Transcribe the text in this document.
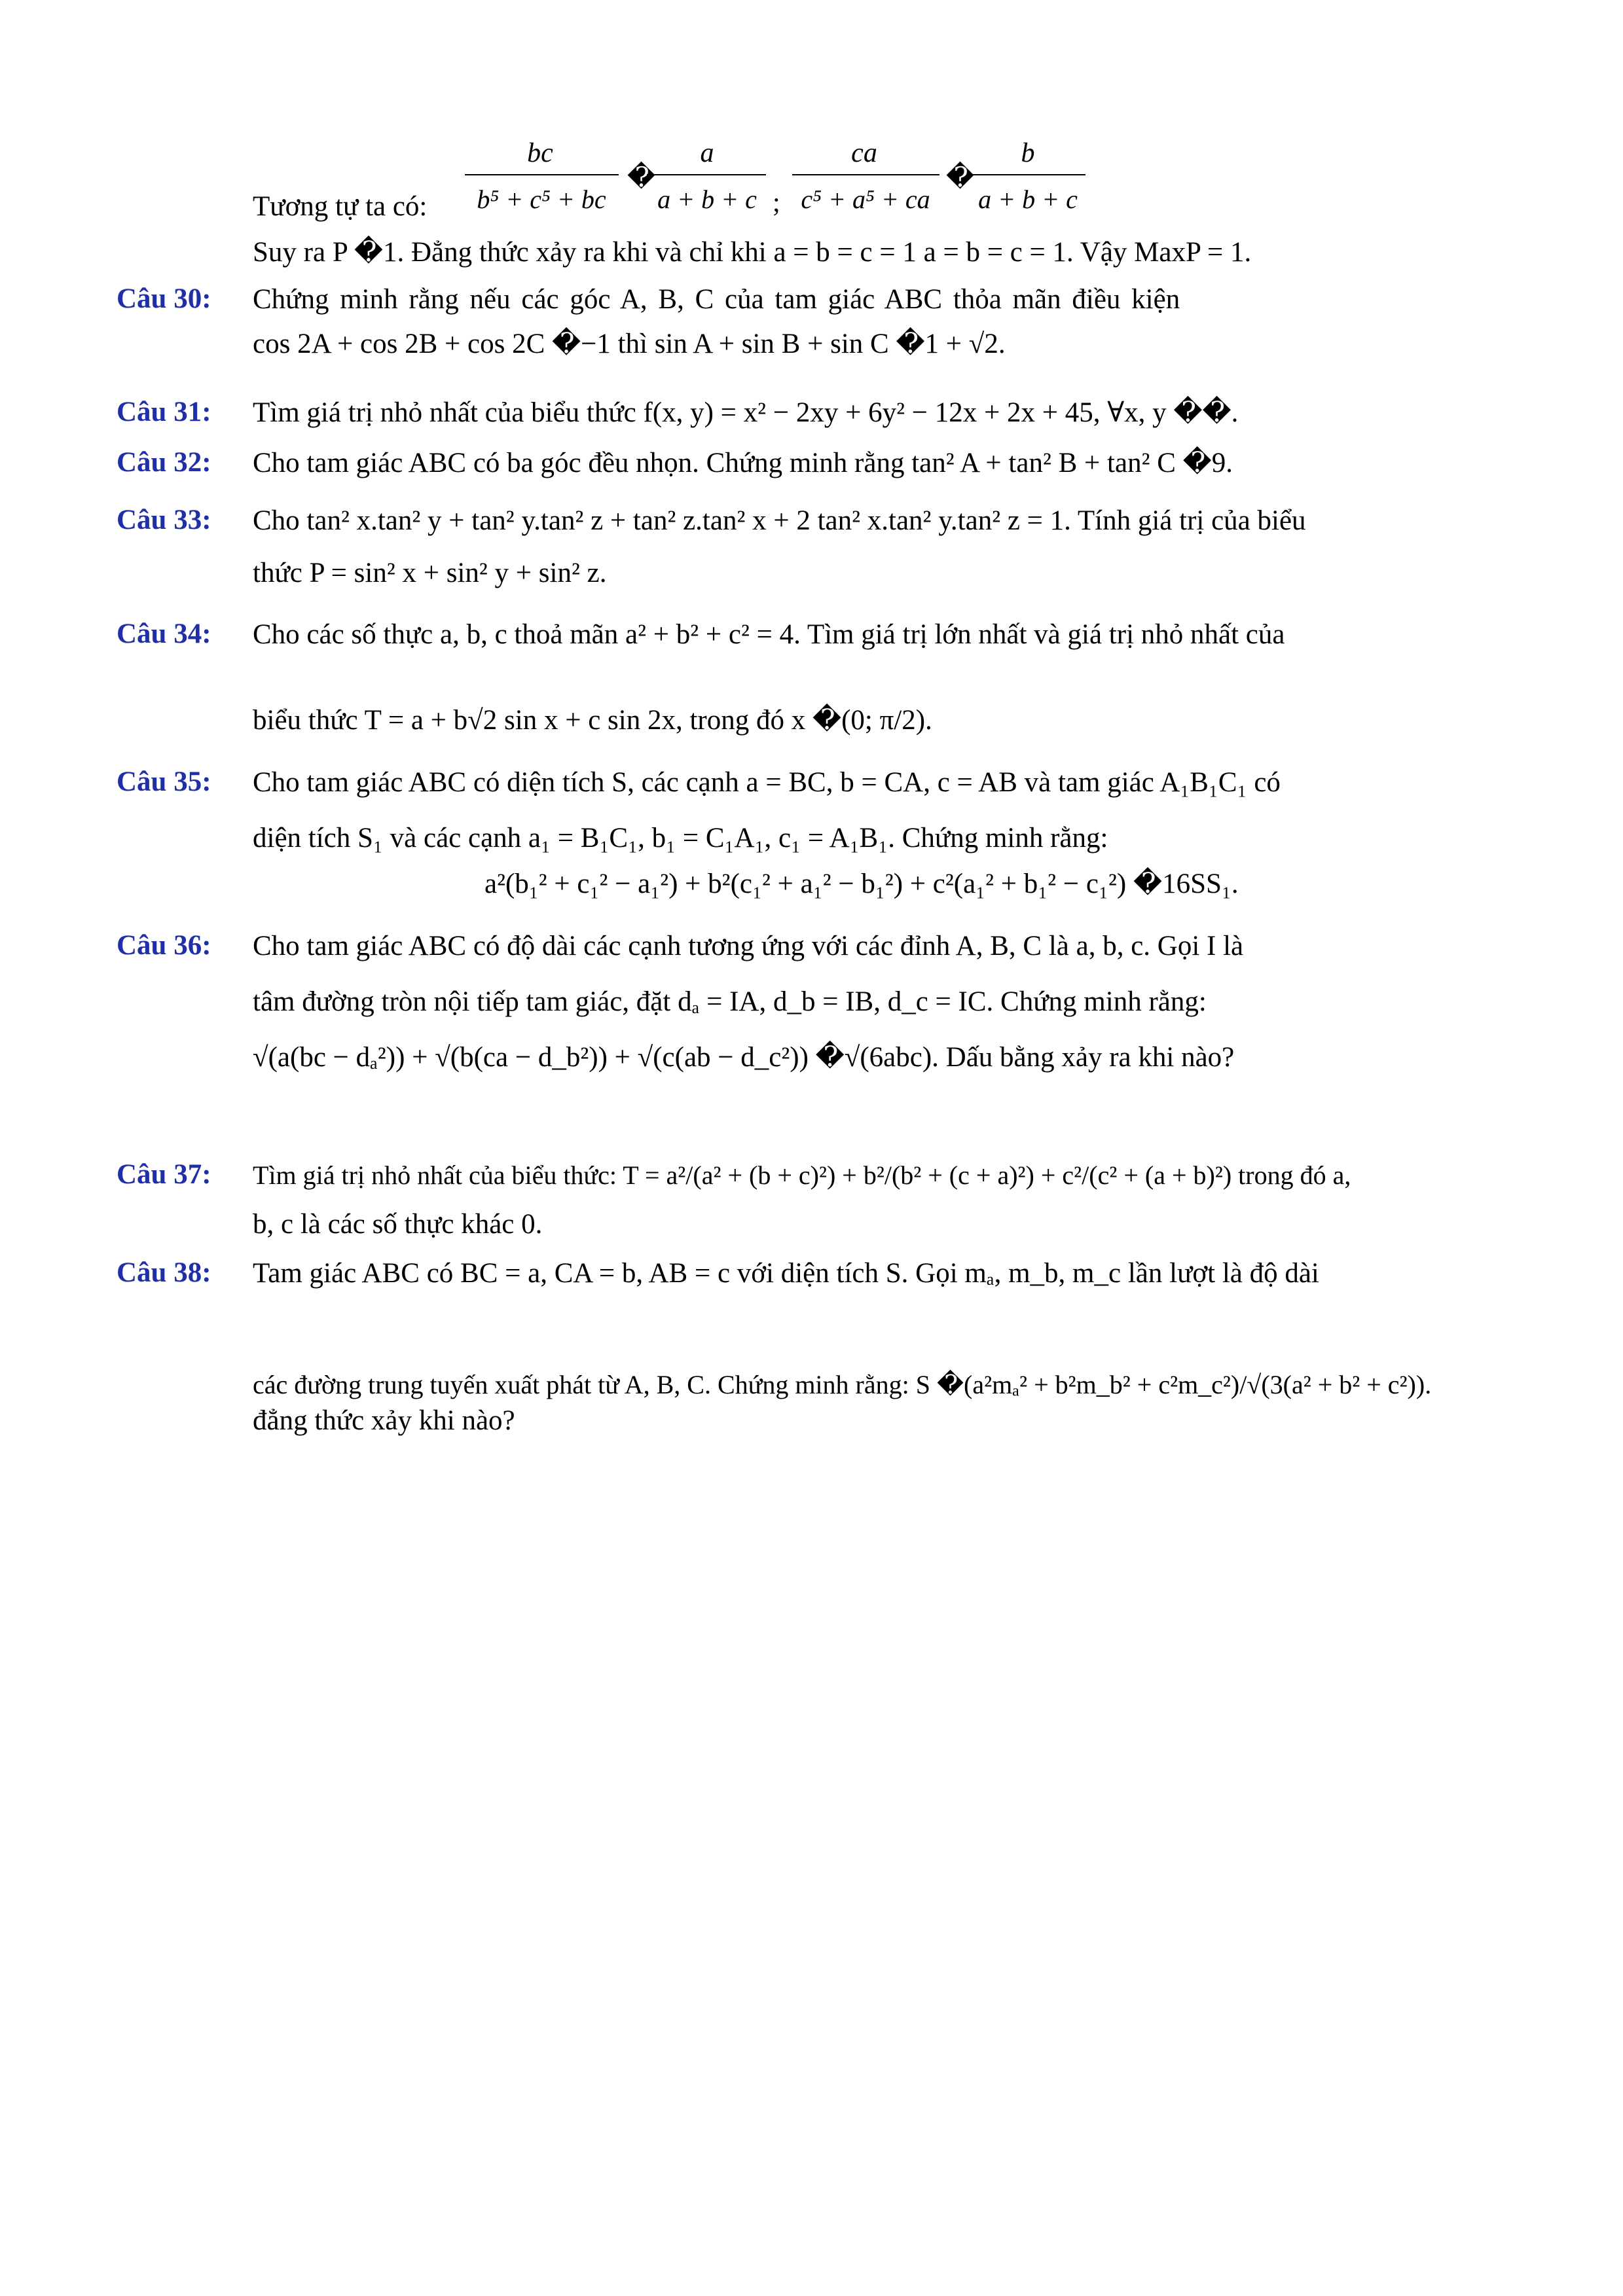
bc
b⁵ + c⁵ + bc
�
a
a + b + c ;
ca
c⁵ + a⁵ + ca
�
b
a + b + c
Tương tự ta có:
Suy ra P �1. Đẳng thức xảy ra khi và chỉ khi a = b = c = 1 a = b = c = 1. Vậy MaxP = 1.
Câu 30: Chứng minh rằng nếu các góc A, B, C của tam giác ABC thỏa mãn điều kiện
cos 2A + cos 2B + cos 2C �−1 thì sin A + sin B + sin C �1 + √2.
Câu 31: Tìm giá trị nhỏ nhất của biểu thức f(x, y) = x² − 2xy + 6y² − 12x + 2x + 45, ∀x, y ��.
Câu 32: Cho tam giác ABC có ba góc đều nhọn. Chứng minh rằng tan² A + tan² B + tan² C �9.
Câu 33: Cho tan² x.tan² y + tan² y.tan² z + tan² z.tan² x + 2 tan² x.tan² y.tan² z = 1. Tính giá trị của biểu
thức P = sin² x + sin² y + sin² z.
Câu 34: Cho các số thực a, b, c thoả mãn a² + b² + c² = 4. Tìm giá trị lớn nhất và giá trị nhỏ nhất của
biểu thức T = a + b√2 sin x + c sin 2x, trong đó x �(0; π/2).
Câu 35: Cho tam giác ABC có diện tích S, các cạnh a = BC, b = CA, c = AB và tam giác A₁B₁C₁ có
diện tích S₁ và các cạnh a₁ = B₁C₁, b₁ = C₁A₁, c₁ = A₁B₁. Chứng minh rằng:
a²(b₁² + c₁² − a₁²) + b²(c₁² + a₁² − b₁²) + c²(a₁² + b₁² − c₁²) �16SS₁.
Câu 36: Cho tam giác ABC có độ dài các cạnh tương ứng với các đỉnh A, B, C là a, b, c. Gọi I là
tâm đường tròn nội tiếp tam giác, đặt dₐ = IA, d_b = IB, d_c = IC. Chứng minh rằng:
√(a(bc − dₐ²)) + √(b(ca − d_b²)) + √(c(ab − d_c²)) �√(6abc). Dấu bằng xảy ra khi nào?
Câu 37: Tìm giá trị nhỏ nhất của biểu thức: T = a²/(a² + (b + c)²) + b²/(b² + (c + a)²) + c²/(c² + (a + b)²) trong đó a,
b, c là các số thực khác 0.
Câu 38: Tam giác ABC có BC = a, CA = b, AB = c với diện tích S. Gọi mₐ, m_b, m_c lần lượt là độ dài
các đường trung tuyến xuất phát từ A, B, C. Chứng minh rằng: S �(a²mₐ² + b²m_b² + c²m_c²)/√(3(a² + b² + c²)).
đẳng thức xảy khi nào?
